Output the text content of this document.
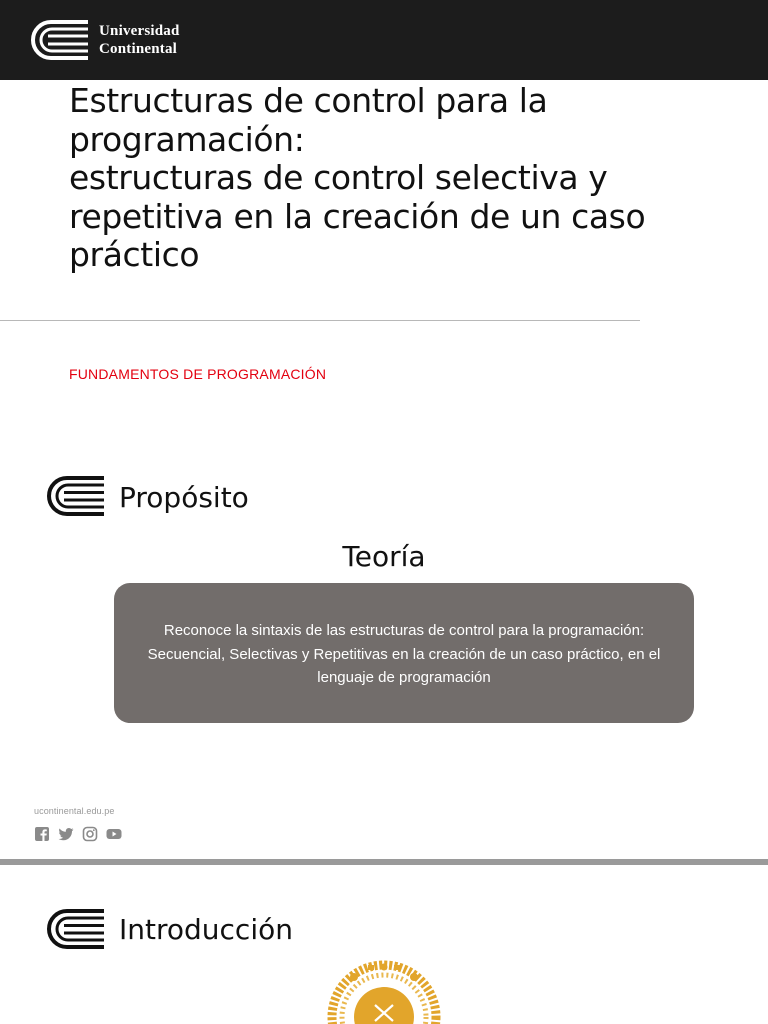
Universidad
Continental
Estructuras de control para la
programación:
estructuras de control selectiva y
repetitiva en la creación de un caso
práctico
FUNDAMENTOS DE PROGRAMACIÓN
Propósito
Teoría
Reconoce la sintaxis de las estructuras de control para la programación: Secuencial, Selectivas y Repetitivas en la creación de un caso práctico, en el lenguaje de programación
ucontinental.edu.pe
Introducción
